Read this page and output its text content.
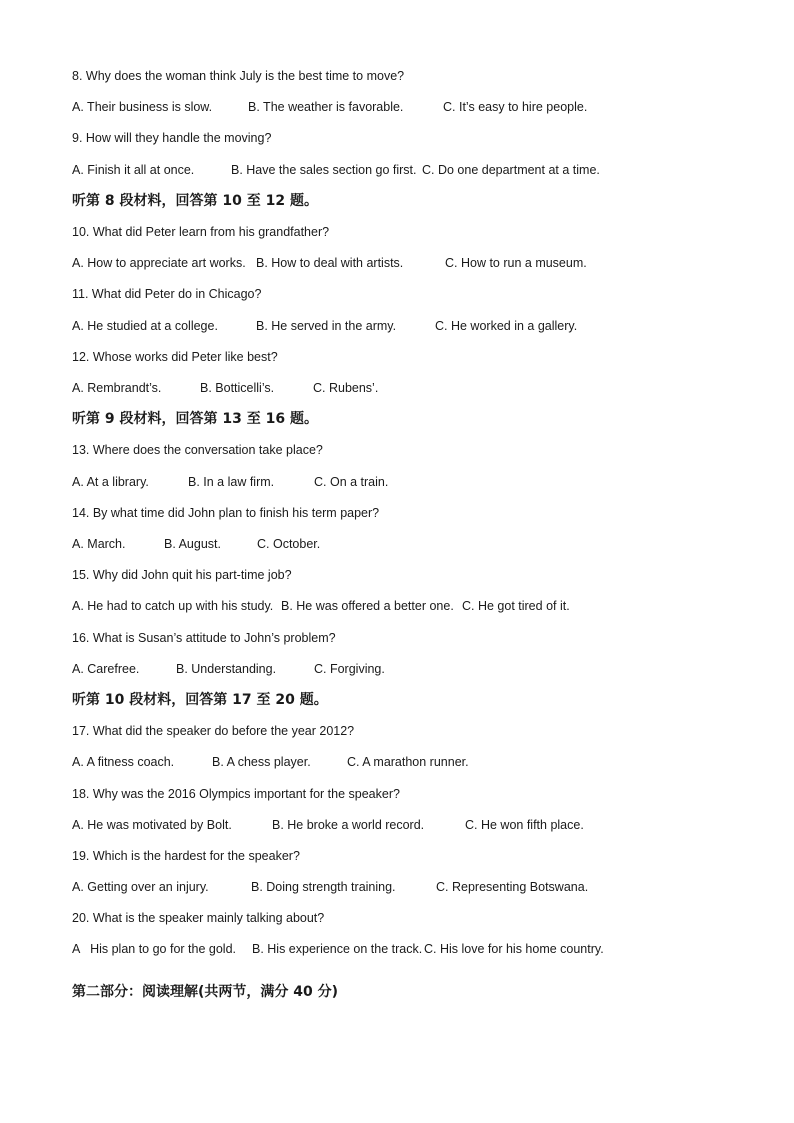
8. Why does the woman think July is the best time to move?
A. Their business is slow.	B. The weather is favorable.	C. It’s easy to hire people.
9. How will they handle the moving?
A. Finish it all at once.	B. Have the sales section go first. C. Do one department at a time.
听第 8 段材料，回答第 10 至 12 题。
10. What did Peter learn from his grandfather?
A. How to appreciate art works. B. How to deal with artists.	C. How to run a museum.
11. What did Peter do in Chicago?
A. He studied at a college.	B. He served in the army.	C. He worked in a gallery.
12. Whose works did Peter like best?
A. Rembrandt’s.	B. Botticelli’s.	C. Rubens’.
听第 9 段材料，回答第 13 至 16 题。
13. Where does the conversation take place?
A. At a library.	B. In a law firm.	C. On a train.
14. By what time did John plan to finish his term paper?
A. March.	B. August.	C. October.
15. Why did John quit his part-time job?
A. He had to catch up with his study. B. He was offered a better one. C. He got tired of it.
16. What is Susan’s attitude to John’s problem?
A. Carefree.	B. Understanding.	C. Forgiving.
听第 10 段材料，回答第 17 至 20 题。
17. What did the speaker do before the year 2012?
A. A fitness coach.	B. A chess player.	C. A marathon runner.
18. Why was the 2016 Olympics important for the speaker?
A. He was motivated by Bolt.	B. He broke a world record.	C. He won fifth place.
19. Which is the hardest for the speaker?
A. Getting over an injury.	B. Doing strength training.	C. Representing Botswana.
20. What is the speaker mainly talking about?
A   His plan to go for the gold. B. His experience on the track. C. His love for his home country.
第二部分：阅读理解(共两节，满分 40 分)
